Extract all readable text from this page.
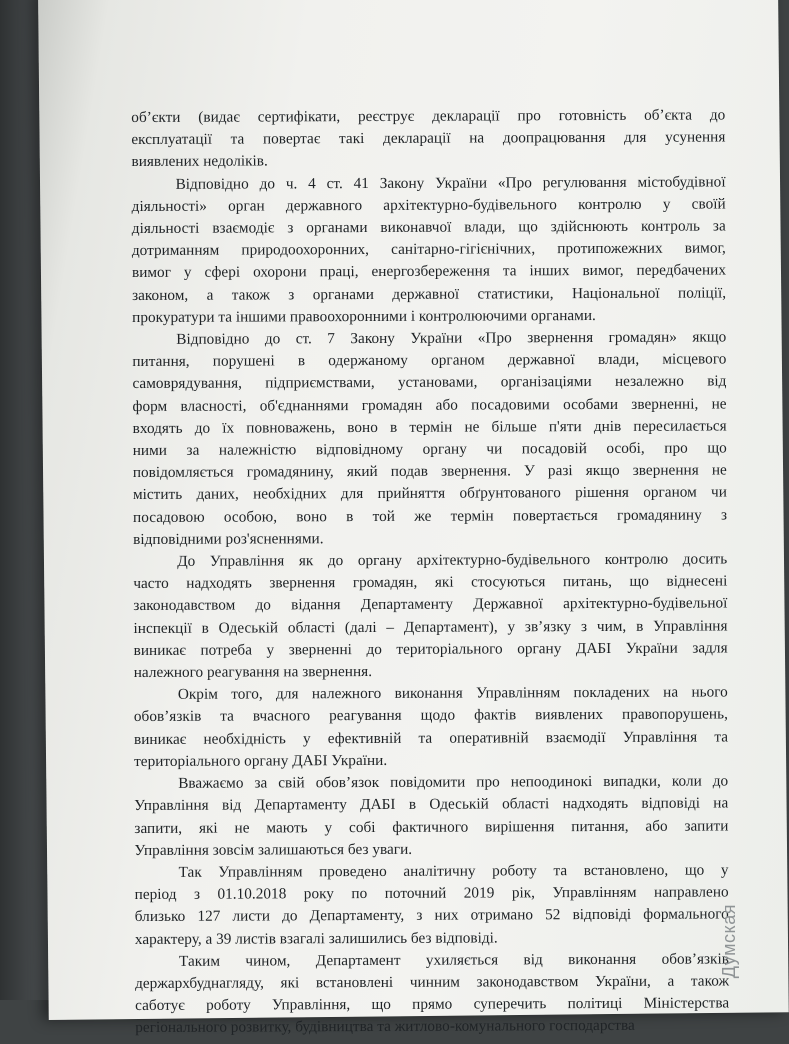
об’єкти (видає сертифікати, реєструє декларації про готовність об’єкта до
експлуатації та повертає такі декларації на доопрацювання для усунення
виявлених недоліків.
Відповідно до ч. 4 ст. 41 Закону України «Про регулювання містобудівної
діяльності» орган державного архітектурно-будівельного контролю у своїй
діяльності взаємодіє з органами виконавчої влади, що здійснюють контроль за
дотриманням природоохоронних, санітарно-гігієнічних, протипожежних вимог,
вимог у сфері охорони праці, енергозбереження та інших вимог, передбачених
законом, а також з органами державної статистики, Національної поліції,
прокуратури та іншими правоохоронними і контролюючими органами.
Відповідно до ст. 7 Закону України «Про звернення громадян» якщо
питання, порушені в одержаному органом державної влади, місцевого
самоврядування, підприємствами, установами, організаціями незалежно від
форм власності, об'єднаннями громадян або посадовими особами зверненні, не
входять до їх повноважень, воно в термін не більше п'яти днів пересилається
ними за належністю відповідному органу чи посадовій особі, про що
повідомляється громадянину, який подав звернення. У разі якщо звернення не
містить даних, необхідних для прийняття обґрунтованого рішення органом чи
посадовою особою, воно в той же термін повертається громадянину з
відповідними роз'ясненнями.
До Управління як до органу архітектурно-будівельного контролю досить
часто надходять звернення громадян, які стосуються питань, що віднесені
законодавством до відання Департаменту Державної архітектурно-будівельної
інспекції в Одеській області (далі – Департамент), у зв’язку з чим, в Управління
виникає потреба у зверненні до територіального органу ДАБІ України задля
належного реагування на звернення.
Окрім того, для належного виконання Управлінням покладених на нього
обов’язків та вчасного реагування щодо фактів виявлених правопорушень,
виникає необхідність у ефективній та оперативній взаємодії Управління та
територіального органу ДАБІ України.
Вважаємо за свій обов’язок повідомити про непоодинокі випадки, коли до
Управління від Департаменту ДАБІ в Одеській області надходять відповіді на
запити, які не мають у собі фактичного вирішення питання, або запити
Управління зовсім залишаються без уваги.
Так Управлінням проведено аналітичну роботу та встановлено, що у
період з 01.10.2018 року по поточний 2019 рік, Управлінням направлено
близько 127 листи до Департаменту, з них отримано 52 відповіді формального
характеру, а 39 листів взагалі залишились без відповіді.
Таким чином, Департамент ухиляється від виконання обов’язків
держархбуднагляду, які встановлені чинним законодавством України, а також
саботує роботу Управління, що прямо суперечить політиці Міністерства
регіонального розвитку, будівництва та житлово-комунального господарства
Думская
